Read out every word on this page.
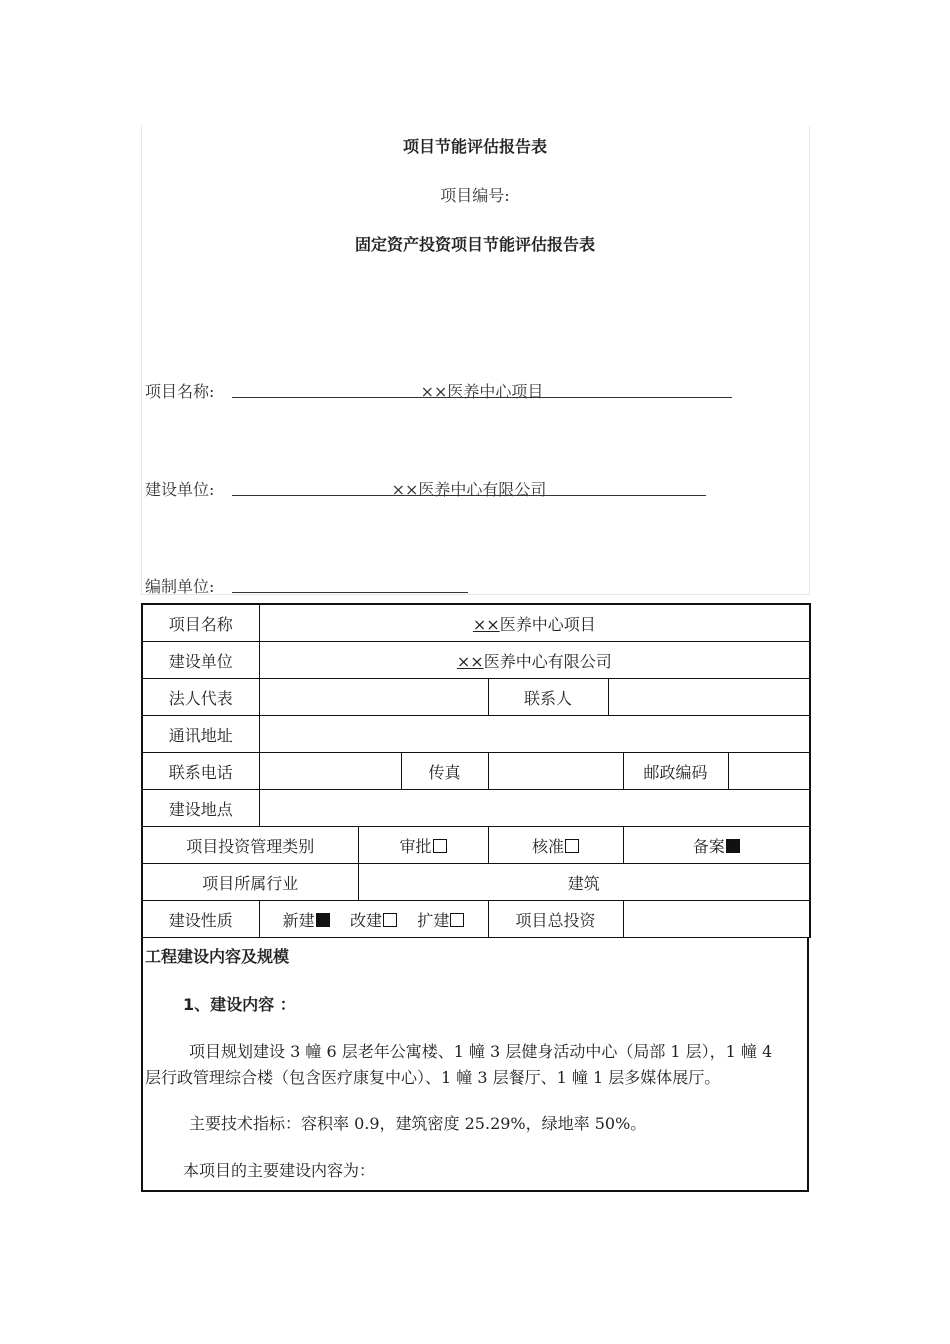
项目节能评估报告表
项目编号:
固定资产投资项目节能评估报告表
项目名称:	××医养中心项目
建设单位:	××医养中心有限公司
编制单位:
项目名称	××医养中心项目						
建设单位	××医养中心有限公司						
法人代表				联系人			
通讯地址							
联系电话			传真			邮政编码	
建设地点							
项目投资管理类别		审批		核准		备案	
项目所属行业		建筑					
建设性质	新建 改建 扩建			项目总投资			
工程建设内容及规模
1、建设内容 ：
项目规划建设 3 幢 6 层老年公寓楼、1 幢 3 层健身活动中心（局部 1 层），1 幢 4
层行政管理综合楼（包含医疗康复中心）、1 幢 3 层餐厅、1 幢 1 层多媒体展厅。
主要技术指标：容积率 0.9，建筑密度 25.29%，绿地率 50%。
本项目的主要建设内容为：
